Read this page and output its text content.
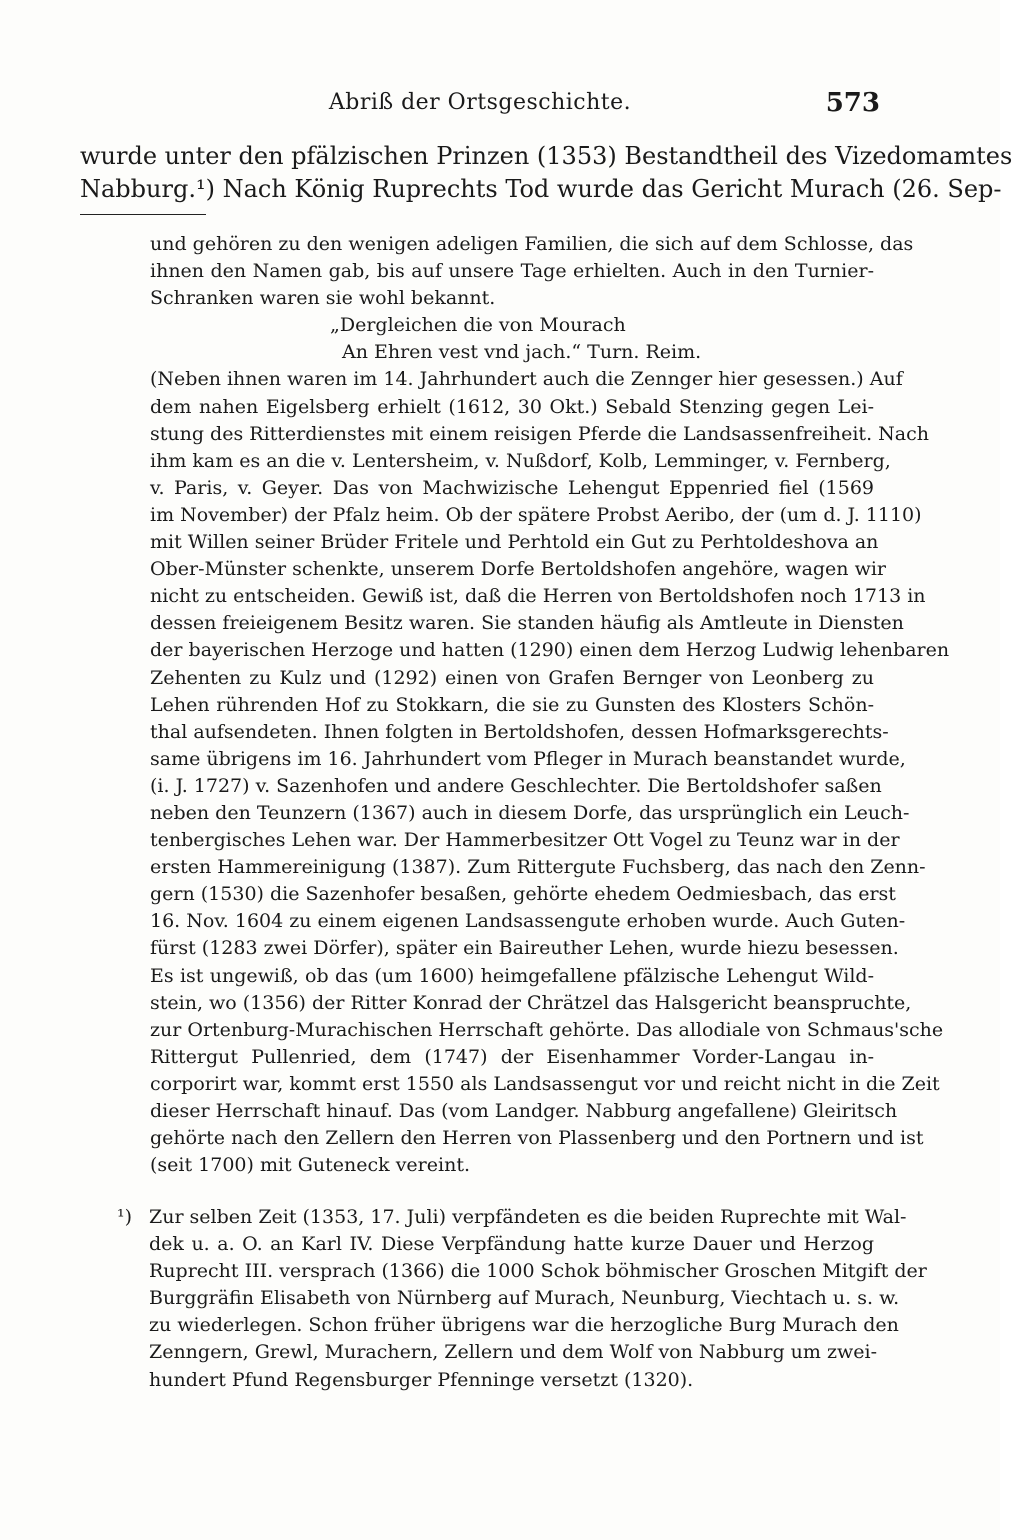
Abriß der Ortsgeschichte.	573
wurde unter den pfälzischen Prinzen (1353) Bestandtheil des Vizedomamtes
Nabburg.¹) Nach König Ruprechts Tod wurde das Gericht Murach (26. Sep-
und gehören zu den wenigen adeligen Familien, die sich auf dem Schlosse, das
ihnen den Namen gab, bis auf unsere Tage erhielten. Auch in den Turnier-
Schranken waren sie wohl bekannt.
„Dergleichen die von Mourach
An Ehren vest vnd jach.“ Turn. Reim.
(Neben ihnen waren im 14. Jahrhundert auch die Zennger hier gesessen.) Auf
dem nahen Eigelsberg erhielt (1612, 30 Okt.) Sebald Stenzing gegen Lei-
stung des Ritterdienstes mit einem reisigen Pferde die Landsassenfreiheit. Nach
ihm kam es an die v. Lentersheim, v. Nußdorf, Kolb, Lemminger, v. Fernberg,
v. Paris, v. Geyer. Das von Machwizische Lehengut Eppenried fiel (1569
im November) der Pfalz heim. Ob der spätere Probst Aeribo, der (um d. J. 1110)
mit Willen seiner Brüder Fritele und Perhtold ein Gut zu Perhtoldeshova an
Ober-Münster schenkte, unserem Dorfe Bertoldshofen angehöre, wagen wir
nicht zu entscheiden. Gewiß ist, daß die Herren von Bertoldshofen noch 1713 in
dessen freieigenem Besitz waren. Sie standen häufig als Amtleute in Diensten
der bayerischen Herzoge und hatten (1290) einen dem Herzog Ludwig lehenbaren
Zehenten zu Kulz und (1292) einen von Grafen Bernger von Leonberg zu
Lehen rührenden Hof zu Stokkarn, die sie zu Gunsten des Klosters Schön-
thal aufsendeten. Ihnen folgten in Bertoldshofen, dessen Hofmarksgerechts-
same übrigens im 16. Jahrhundert vom Pfleger in Murach beanstandet wurde,
(i. J. 1727) v. Sazenhofen und andere Geschlechter. Die Bertoldshofer saßen
neben den Teunzern (1367) auch in diesem Dorfe, das ursprünglich ein Leuch-
tenbergisches Lehen war. Der Hammerbesitzer Ott Vogel zu Teunz war in der
ersten Hammereinigung (1387). Zum Rittergute Fuchsberg, das nach den Zenn-
gern (1530) die Sazenhofer besaßen, gehörte ehedem Oedmiesbach, das erst
16. Nov. 1604 zu einem eigenen Landsassengute erhoben wurde. Auch Guten-
fürst (1283 zwei Dörfer), später ein Baireuther Lehen, wurde hiezu besessen.
Es ist ungewiß, ob das (um 1600) heimgefallene pfälzische Lehengut Wild-
stein, wo (1356) der Ritter Konrad der Chrätzel das Halsgericht beanspruchte,
zur Ortenburg-Murachischen Herrschaft gehörte. Das allodiale von Schmaus'sche
Rittergut Pullenried, dem (1747) der Eisenhammer Vorder-Langau in-
corporirt war, kommt erst 1550 als Landsassengut vor und reicht nicht in die Zeit
dieser Herrschaft hinauf. Das (vom Landger. Nabburg angefallene) Gleiritsch
gehörte nach den Zellern den Herren von Plassenberg und den Portnern und ist
(seit 1700) mit Guteneck vereint.
¹) Zur selben Zeit (1353, 17. Juli) verpfändeten es die beiden Ruprechte mit Wal-
dek u. a. O. an Karl IV. Diese Verpfändung hatte kurze Dauer und Herzog
Ruprecht III. versprach (1366) die 1000 Schok böhmischer Groschen Mitgift der
Burggräfin Elisabeth von Nürnberg auf Murach, Neunburg, Viechtach u. s. w.
zu wiederlegen. Schon früher übrigens war die herzogliche Burg Murach den
Zenngern, Grewl, Murachern, Zellern und dem Wolf von Nabburg um zwei-
hundert Pfund Regensburger Pfenninge versetzt (1320).
